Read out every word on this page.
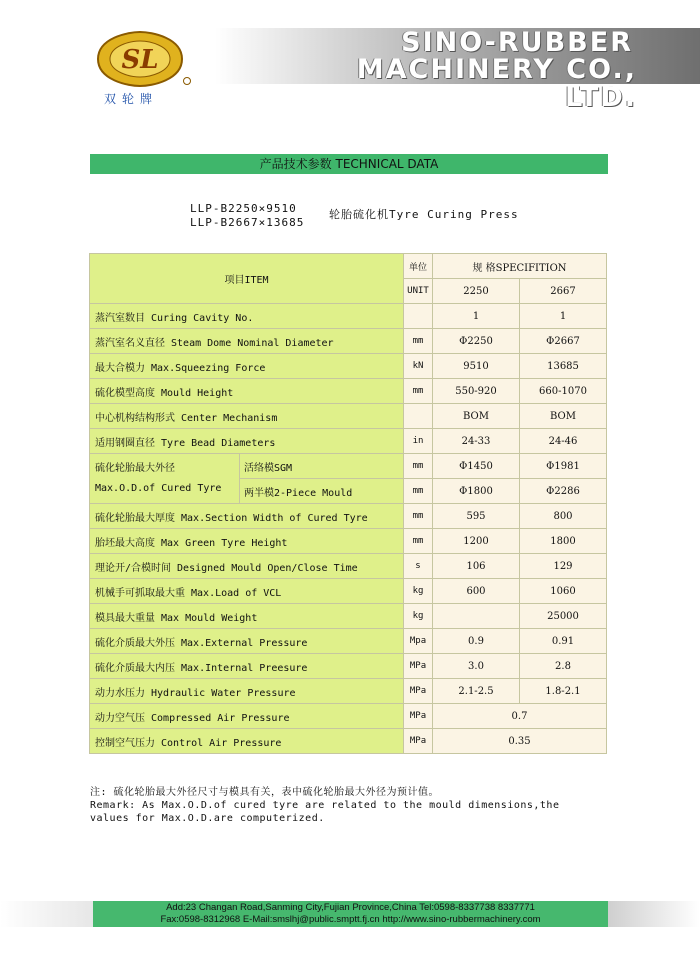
SINO-RUBBER
MACHINERY CO., LTD.
SL
双轮牌
产品技术参数 TECHNICAL DATA
LLP-B2250×9510
LLP-B2667×13685
轮胎硫化机Tyre Curing Press
项目ITEM		单位	规 格SPECIFITION	
		UNIT	2250	2667
蒸汽室数目 Curing Cavity No.			1	1
蒸汽室名义直径 Steam Dome Nominal Diameter		mm	Φ2250	Φ2667
最大合模力 Max.Squeezing Force		kN	9510	13685
硫化模型高度 Mould Height		mm	550-920	660-1070
中心机构结构形式 Center Mechanism			BOM	BOM
适用钢圈直径 Tyre Bead Diameters		in	24-33	24-46

硫化轮胎最大外径
Max.O.D.of Cured Tyre	活络模SGM	mm	Φ1450	Φ1981
	两半模2-Piece Mould	mm	Φ1800	Φ2286
硫化轮胎最大厚度 Max.Section Width of Cured Tyre		mm	595	800
胎坯最大高度 Max Green Tyre Height		mm	1200	1800
理论开/合模时间 Designed Mould Open/Close Time		s	106	129
机械手可抓取最大重 Max.Load of VCL		kg	600	1060
模具最大重量 Max Mould Weight		kg		25000
硫化介质最大外压 Max.External Pressure		Mpa	0.9	0.91
硫化介质最大内压 Max.Internal Preesure		MPa	3.0	2.8
动力水压力 Hydraulic Water Pressure		MPa	2.1-2.5	1.8-2.1
动力空气压 Compressed Air Pressure		MPa	0.7	
控制空气压力 Control Air Pressure		MPa	0.35	
注: 硫化轮胎最大外径尺寸与模具有关，表中硫化轮胎最大外径为预计值。
Remark: As Max.O.D.of cured tyre are related to the mould dimensions,the
values for Max.O.D.are computerized.
Add:23 Changan Road,Sanming City,Fujian Province,China Tel:0598-8337738 8337771
Fax:0598-8312968 E-Mail:smslhj@public.smptt.fj.cn http://www.sino-rubbermachinery.com
